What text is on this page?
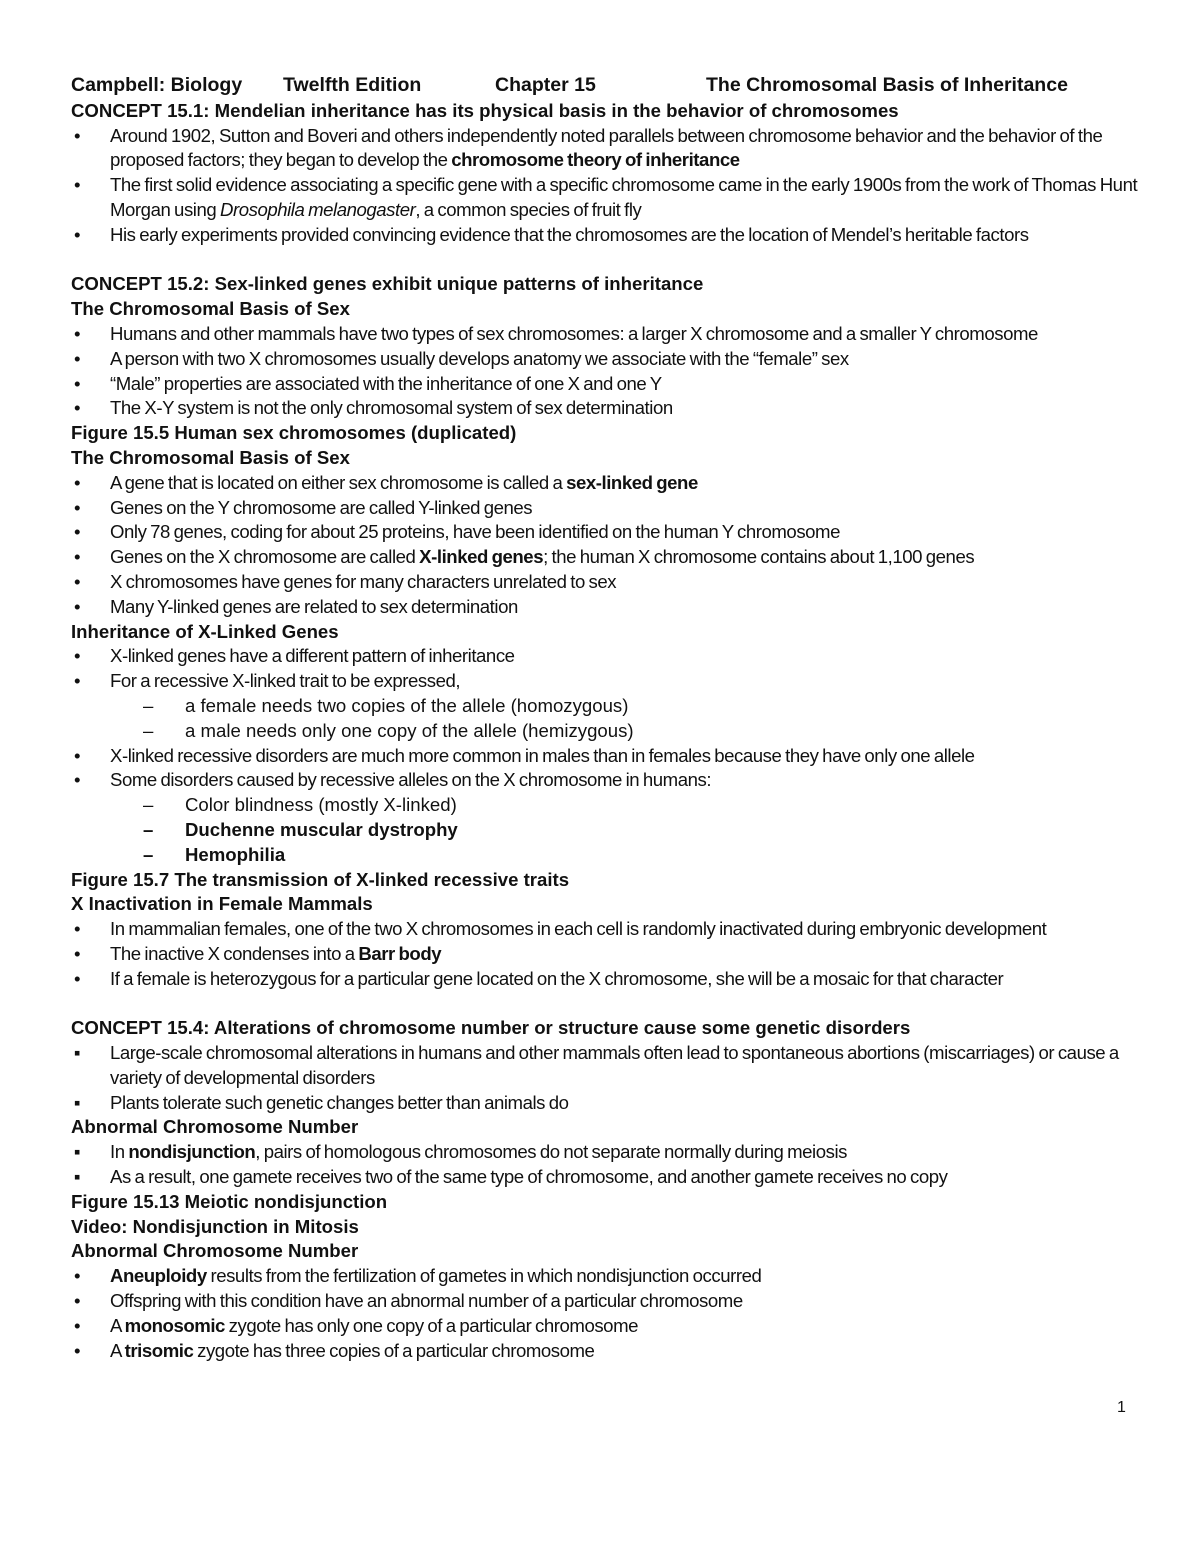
Campbell: Biology	Twelfth Edition	Chapter 15	The Chromosomal Basis of Inheritance
CONCEPT 15.1: Mendelian inheritance has its physical basis in the behavior of chromosomes
• Around 1902, Sutton and Boveri and others independently noted parallels between chromosome behavior and the behavior of the proposed factors; they began to develop the chromosome theory of inheritance
• The first solid evidence associating a specific gene with a specific chromosome came in the early 1900s from the work of Thomas Hunt Morgan using Drosophila melanogaster, a common species of fruit fly
• His early experiments provided convincing evidence that the chromosomes are the location of Mendel’s heritable factors
CONCEPT 15.2: Sex-linked genes exhibit unique patterns of inheritance
The Chromosomal Basis of Sex
• Humans and other mammals have two types of sex chromosomes: a larger X chromosome and a smaller Y chromosome
• A person with two X chromosomes usually develops anatomy we associate with the “female” sex
• “Male” properties are associated with the inheritance of one X and one Y
• The X-Y system is not the only chromosomal system of sex determination
Figure 15.5 Human sex chromosomes (duplicated)
The Chromosomal Basis of Sex
• A gene that is located on either sex chromosome is called a sex-linked gene
• Genes on the Y chromosome are called Y-linked genes
• Only 78 genes, coding for about 25 proteins, have been identified on the human Y chromosome
• Genes on the X chromosome are called X-linked genes; the human X chromosome contains about 1,100 genes
• X chromosomes have genes for many characters unrelated to sex
• Many Y-linked genes are related to sex determination
Inheritance of X-Linked Genes
• X-linked genes have a different pattern of inheritance
• For a recessive X-linked trait to be expressed,
– a female needs two copies of the allele (homozygous)
– a male needs only one copy of the allele (hemizygous)
• X-linked recessive disorders are much more common in males than in females because they have only one allele
• Some disorders caused by recessive alleles on the X chromosome in humans:
– Color blindness (mostly X-linked)
– Duchenne muscular dystrophy
– Hemophilia
Figure 15.7 The transmission of X-linked recessive traits
X Inactivation in Female Mammals
• In mammalian females, one of the two X chromosomes in each cell is randomly inactivated during embryonic development
• The inactive X condenses into a Barr body
• If a female is heterozygous for a particular gene located on the X chromosome, she will be a mosaic for that character
CONCEPT 15.4: Alterations of chromosome number or structure cause some genetic disorders
▪ Large-scale chromosomal alterations in humans and other mammals often lead to spontaneous abortions (miscarriages) or cause a variety of developmental disorders
▪ Plants tolerate such genetic changes better than animals do
Abnormal Chromosome Number
▪ In nondisjunction, pairs of homologous chromosomes do not separate normally during meiosis
▪ As a result, one gamete receives two of the same type of chromosome, and another gamete receives no copy
Figure 15.13 Meiotic nondisjunction
Video: Nondisjunction in Mitosis
Abnormal Chromosome Number
• Aneuploidy results from the fertilization of gametes in which nondisjunction occurred
• Offspring with this condition have an abnormal number of a particular chromosome
• A monosomic zygote has only one copy of a particular chromosome
• A trisomic zygote has three copies of a particular chromosome
1
